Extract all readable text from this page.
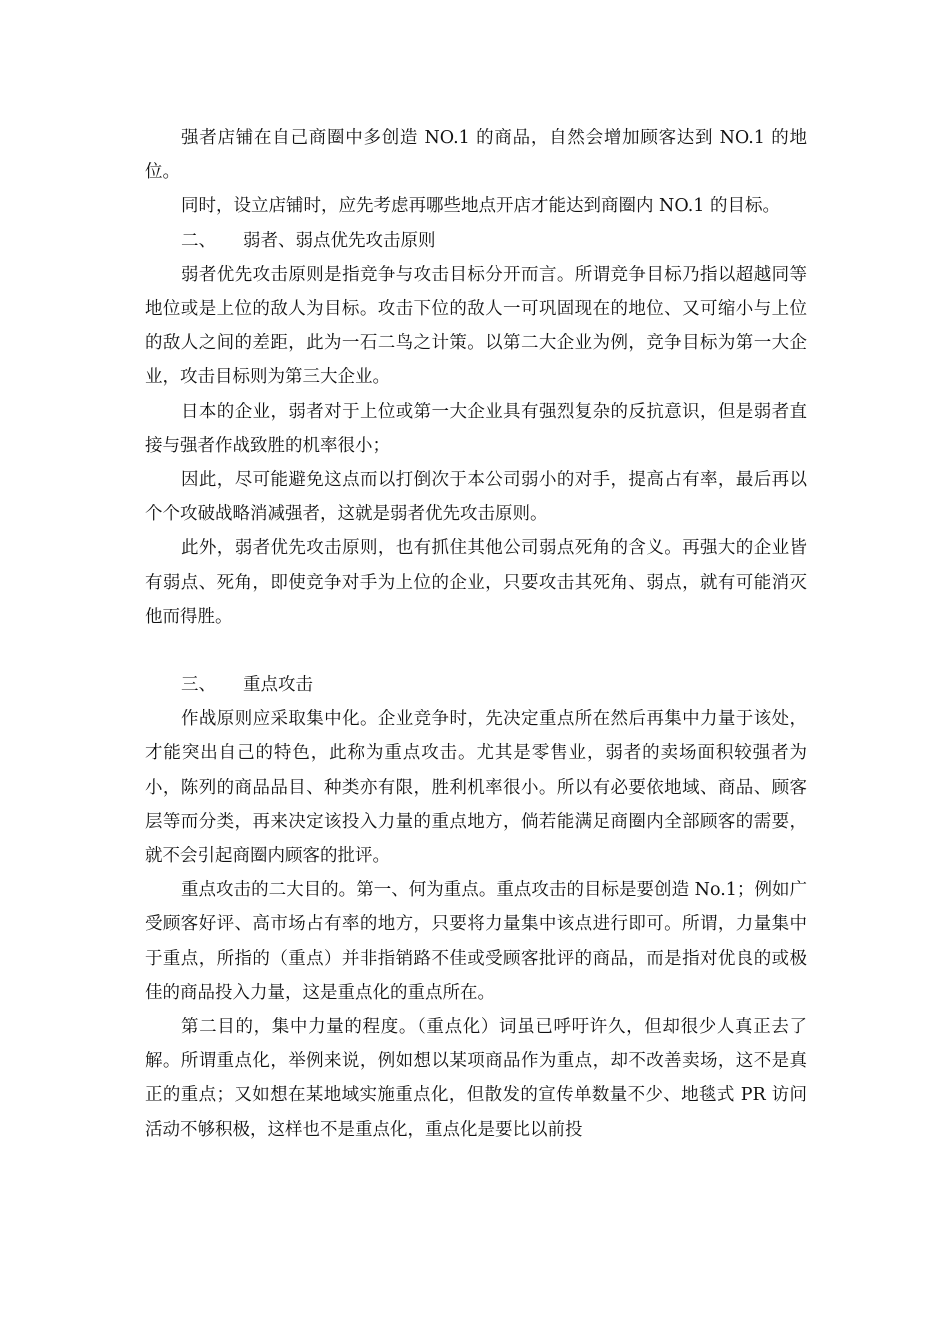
强者店铺在自己商圈中多创造 NO.1 的商品，自然会增加顾客达到 NO.1 的地位。

同时，设立店铺时，应先考虑再哪些地点开店才能达到商圈内 NO.1 的目标。

二、 弱者、弱点优先攻击原则

弱者优先攻击原则是指竞争与攻击目标分开而言。所谓竞争目标乃指以超越同等地位或是上位的敌人为目标。攻击下位的敌人一可巩固现在的地位、又可缩小与上位的敌人之间的差距，此为一石二鸟之计策。以第二大企业为例，竞争目标为第一大企业，攻击目标则为第三大企业。

日本的企业，弱者对于上位或第一大企业具有强烈复杂的反抗意识，但是弱者直接与强者作战致胜的机率很小；

因此，尽可能避免这点而以打倒次于本公司弱小的对手，提高占有率，最后再以个个攻破战略消减强者，这就是弱者优先攻击原则。

此外，弱者优先攻击原则，也有抓住其他公司弱点死角的含义。再强大的企业皆有弱点、死角，即使竞争对手为上位的企业，只要攻击其死角、弱点，就有可能消灭他而得胜。

三、 重点攻击

作战原则应采取集中化。企业竞争时，先决定重点所在然后再集中力量于该处，才能突出自己的特色，此称为重点攻击。尤其是零售业，弱者的卖场面积较强者为小，陈列的商品品目、种类亦有限，胜利机率很小。所以有必要依地域、商品、顾客层等而分类，再来决定该投入力量的重点地方，倘若能满足商圈内全部顾客的需要，就不会引起商圈内顾客的批评。

重点攻击的二大目的。第一、何为重点。重点攻击的目标是要创造 No.1；例如广受顾客好评、高市场占有率的地方，只要将力量集中该点进行即可。所谓，力量集中于重点，所指的（重点）并非指销路不佳或受顾客批评的商品，而是指对优良的或极佳的商品投入力量，这是重点化的重点所在。

第二目的，集中力量的程度。（重点化）词虽已呼吁许久，但却很少人真正去了解。所谓重点化，举例来说，例如想以某项商品作为重点，却不改善卖场，这不是真正的重点；又如想在某地域实施重点化，但散发的宣传单数量不少、地毯式 PR 访问活动不够积极，这样也不是重点化，重点化是要比以前投
